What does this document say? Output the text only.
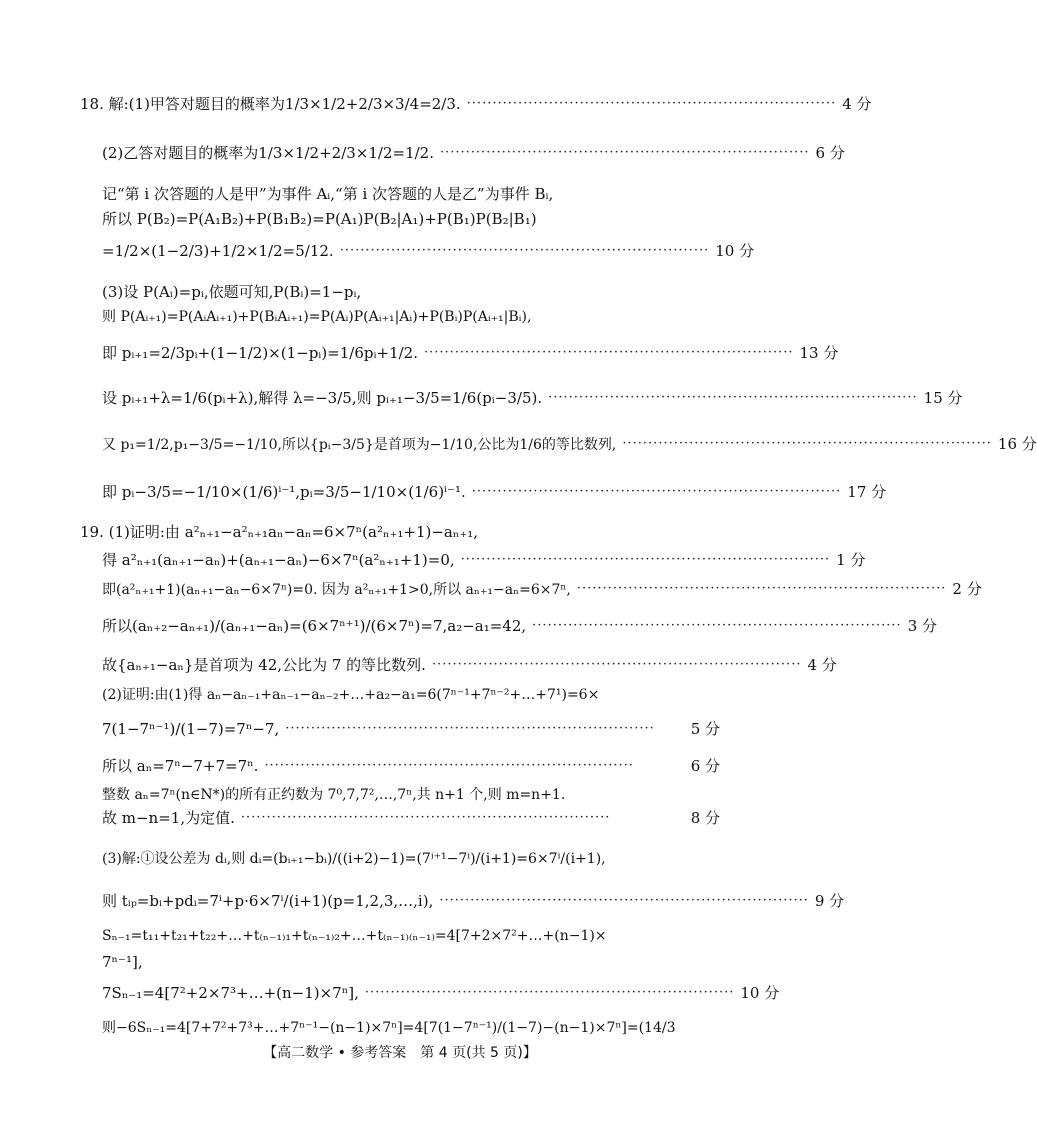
18. 解:(1)甲答对题目的概率为1/3×1/2+2/3×3/4=2/3. ········································································ 4 分
(2)乙答对题目的概率为1/3×1/2+2/3×1/2=1/2. ········································································ 6 分
记“第 i 次答题的人是甲”为事件 Aᵢ,“第 i 次答题的人是乙”为事件 Bᵢ,
所以 P(B₂)=P(A₁B₂)+P(B₁B₂)=P(A₁)P(B₂|A₁)+P(B₁)P(B₂|B₁)
=1/2×(1−2/3)+1/2×1/2=5/12. ········································································ 10 分
(3)设 P(Aᵢ)=pᵢ,依题可知,P(Bᵢ)=1−pᵢ,
则 P(Aᵢ₊₁)=P(AᵢAᵢ₊₁)+P(BᵢAᵢ₊₁)=P(Aᵢ)P(Aᵢ₊₁|Aᵢ)+P(Bᵢ)P(Aᵢ₊₁|Bᵢ),
即 pᵢ₊₁=2/3pᵢ+(1−1/2)×(1−pᵢ)=1/6pᵢ+1/2. ········································································ 13 分
设 pᵢ₊₁+λ=1/6(pᵢ+λ),解得 λ=−3/5,则 pᵢ₊₁−3/5=1/6(pᵢ−3/5). ········································································ 15 分
又 p₁=1/2,p₁−3/5=−1/10,所以{pᵢ−3/5}是首项为−1/10,公比为1/6的等比数列, ········································································ 16 分
即 pᵢ−3/5=−1/10×(1/6)ⁱ⁻¹,pᵢ=3/5−1/10×(1/6)ⁱ⁻¹. ········································································ 17 分
19. (1)证明:由 a²ₙ₊₁−a²ₙ₊₁aₙ−aₙ=6×7ⁿ(a²ₙ₊₁+1)−aₙ₊₁,
得 a²ₙ₊₁(aₙ₊₁−aₙ)+(aₙ₊₁−aₙ)−6×7ⁿ(a²ₙ₊₁+1)=0, ········································································ 1 分
即(a²ₙ₊₁+1)(aₙ₊₁−aₙ−6×7ⁿ)=0. 因为 a²ₙ₊₁+1>0,所以 aₙ₊₁−aₙ=6×7ⁿ, ········································································ 2 分
所以(aₙ₊₂−aₙ₊₁)/(aₙ₊₁−aₙ)=(6×7ⁿ⁺¹)/(6×7ⁿ)=7,a₂−a₁=42, ········································································ 3 分
故{aₙ₊₁−aₙ}是首项为 42,公比为 7 的等比数列. ········································································ 4 分
(2)证明:由(1)得 aₙ−aₙ₋₁+aₙ₋₁−aₙ₋₂+…+a₂−a₁=6(7ⁿ⁻¹+7ⁿ⁻²+…+7¹)=6×
7(1−7ⁿ⁻¹)/(1−7)=7ⁿ−7, ········································································	5 分
所以 aₙ=7ⁿ−7+7=7ⁿ. ········································································	6 分
整数 aₙ=7ⁿ(n∈N*)的所有正约数为 7⁰,7,7²,…,7ⁿ,共 n+1 个,则 m=n+1.
故 m−n=1,为定值. ········································································	8 分
(3)解:①设公差为 dᵢ,则 dᵢ=(bᵢ₊₁−bᵢ)/((i+2)−1)=(7ⁱ⁺¹−7ⁱ)/(i+1)=6×7ⁱ/(i+1),
则 tᵢₚ=bᵢ+pdᵢ=7ⁱ+p·6×7ⁱ/(i+1)(p=1,2,3,…,i), ········································································ 9 分
Sₙ₋₁=t₁₁+t₂₁+t₂₂+…+t₍ₙ₋₁₎₁+t₍ₙ₋₁₎₂+…+t₍ₙ₋₁₎₍ₙ₋₁₎=4[7+2×7²+…+(n−1)×
7ⁿ⁻¹],
7Sₙ₋₁=4[7²+2×7³+…+(n−1)×7ⁿ], ········································································ 10 分
则−6Sₙ₋₁=4[7+7²+7³+…+7ⁿ⁻¹−(n−1)×7ⁿ]=4[7(1−7ⁿ⁻¹)/(1−7)−(n−1)×7ⁿ]=(14/3
【高二数学 • 参考答案　第 4 页(共 5 页)】
